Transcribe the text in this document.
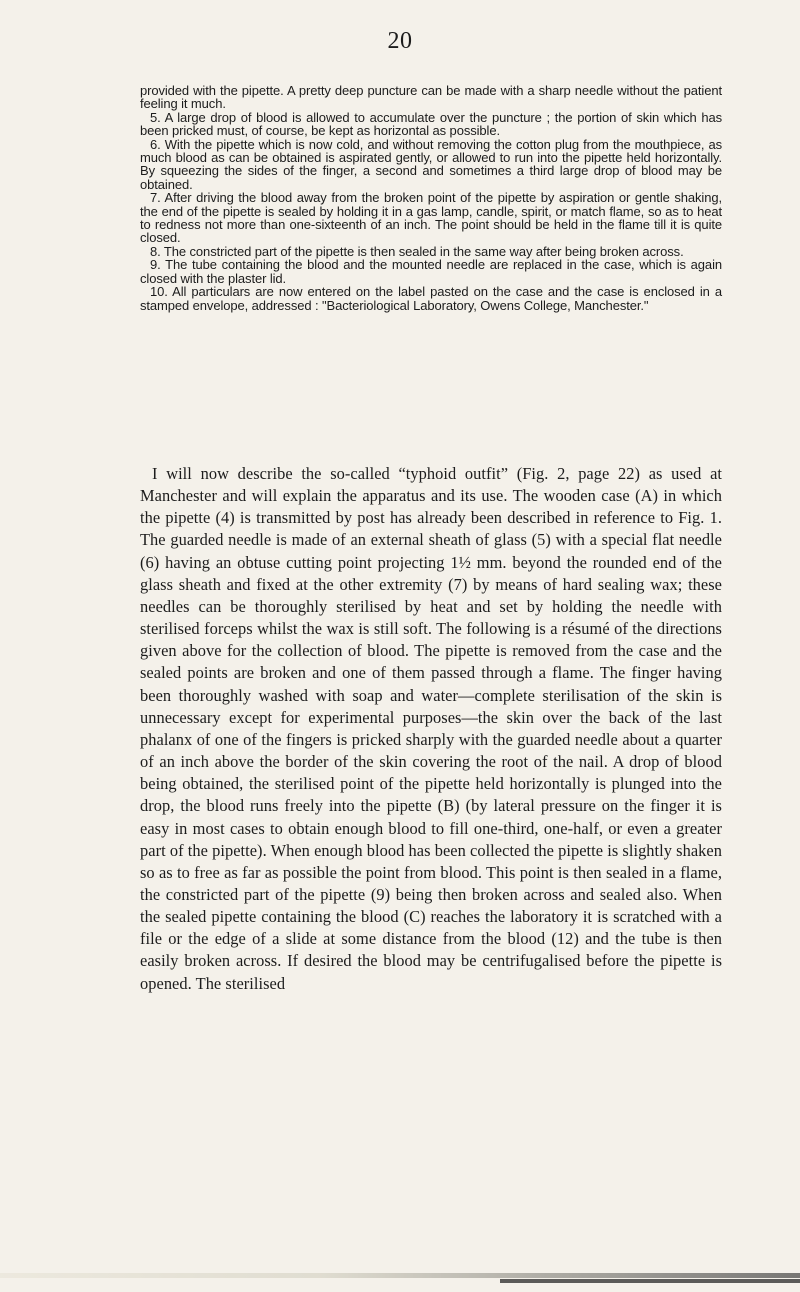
20

provided with the pipette. A pretty deep puncture can be made with a sharp needle without the patient feeling it much.

5. A large drop of blood is allowed to accumulate over the puncture ; the portion of skin which has been pricked must, of course, be kept as horizontal as possible.

6. With the pipette which is now cold, and without removing the cotton plug from the mouthpiece, as much blood as can be obtained is aspirated gently, or allowed to run into the pipette held horizontally. By squeezing the sides of the finger, a second and sometimes a third large drop of blood may be obtained.

7. After driving the blood away from the broken point of the pipette by aspiration or gentle shaking, the end of the pipette is sealed by holding it in a gas lamp, candle, spirit, or match flame, so as to heat to redness not more than one-sixteenth of an inch. The point should be held in the flame till it is quite closed.

8. The constricted part of the pipette is then sealed in the same way after being broken across.

9. The tube containing the blood and the mounted needle are replaced in the case, which is again closed with the plaster lid.

10. All particulars are now entered on the label pasted on the case and the case is enclosed in a stamped envelope, addressed : "Bacteriological Laboratory, Owens College, Manchester."

I will now describe the so-called “typhoid outfit” (Fig. 2, page 22) as used at Manchester and will explain the apparatus and its use. The wooden case (A) in which the pipette (4) is transmitted by post has already been described in reference to Fig. 1. The guarded needle is made of an external sheath of glass (5) with a special flat needle (6) having an obtuse cutting point projecting 1½ mm. beyond the rounded end of the glass sheath and fixed at the other extremity (7) by means of hard sealing wax; these needles can be thoroughly sterilised by heat and set by holding the needle with sterilised forceps whilst the wax is still soft. The following is a résumé of the directions given above for the collection of blood. The pipette is removed from the case and the sealed points are broken and one of them passed through a flame. The finger having been thoroughly washed with soap and water—complete sterilisation of the skin is unnecessary except for experimental purposes—the skin over the back of the last phalanx of one of the fingers is pricked sharply with the guarded needle about a quarter of an inch above the border of the skin covering the root of the nail. A drop of blood being obtained, the sterilised point of the pipette held horizontally is plunged into the drop, the blood runs freely into the pipette (B) (by lateral pressure on the finger it is easy in most cases to obtain enough blood to fill one-third, one-half, or even a greater part of the pipette). When enough blood has been collected the pipette is slightly shaken so as to free as far as possible the point from blood. This point is then sealed in a flame, the constricted part of the pipette (9) being then broken across and sealed also. When the sealed pipette containing the blood (C) reaches the laboratory it is scratched with a file or the edge of a slide at some distance from the blood (12) and the tube is then easily broken across. If desired the blood may be centrifugalised before the pipette is opened. The sterilised
